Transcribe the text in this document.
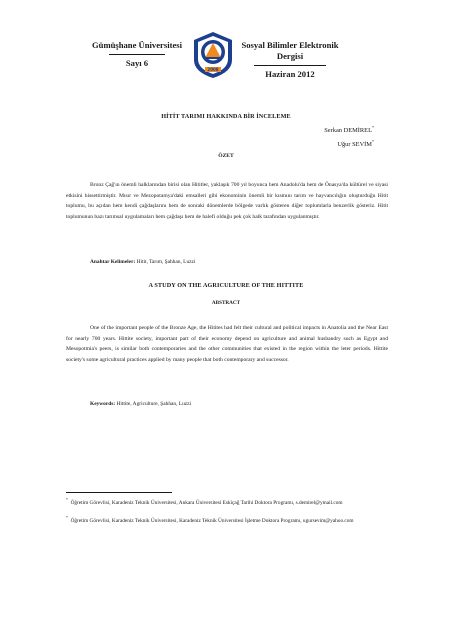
Gümüşhane Üniversitesi
Sayı 6
2008
Sosyal Bilimler Elektronik Dergisi
Haziran 2012
HİTİT TARIMI HAKKINDA BİR İNCELEME
Serkan DEMİREL*
Uğur SEVİM*
ÖZET
Bronz Çağ'ın önemli halklarından birisi olan Hititler, yaklaşık 700 yıl boyunca hem Anadolu'da hem de Önasya'da kültürel ve siyasi etkisini hissettirmiştir. Mısır ve Mezopotamya'daki emsalleri gibi ekonominin önemli bir kısmını tarım ve hayvancılığın oluşturduğu Hitit toplumu, bu açıdan hem kendi çağdaşlarını hem de sonraki dönemlerde bölgede varlık gösteren diğer toplumlarla benzerlik gösteriz. Hitit toplumunun bazı tarımsal uygulamaları hem çağdaşı hem de halefi olduğu pek çok halk tarafından uygulanmıştır.
Anahtar Kelimeler: Hitit, Tarım, Şahhan, Luzzi
A STUDY ON THE AGRICULTURE OF THE HITTITE
ABSTRACT
One of the important people of the Bronze Age, the Hitites had felt their cultural and political impacts in Anatolia and the Near East for nearly 700 years. Hittite society, important part of their economy depend on agriculture and animal husbandry such as Egypt and Mesopotmia's peers, is similar both contemporaries and the other communities that existed in the region within the leter periods. Hittite society's some agricultural practices applied by many people that both contemporary and successor.
Keywords: Hittite, Agriculture, Şahhan, Luzzi
* Öğretim Görevlisi, Karadeniz Teknik Üniversitesi, Ankara Üniversitesi Eskiçağ Tarihi Doktora Programı, s.demirel@ymail.com
* Öğretim Görevlisi, Karadeniz Teknik Üniversitesi, Karadeniz Teknik Üniversitesi İşletme Doktora Programı, ugursevim@yahoo.com
